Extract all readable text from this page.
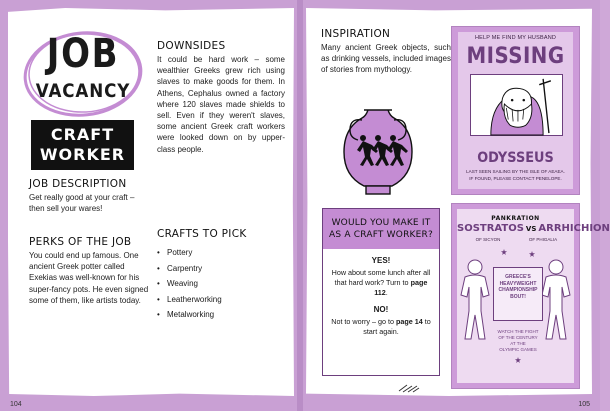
JOB
VACANCY
CRAFT
WORKER
JOB DESCRIPTION

Get really good at your craft – then sell your wares!

PERKS OF THE JOB

You could end up famous. One ancient Greek potter called Exekias was well-known for his super-fancy pots. He even signed some of them, like artists today.

DOWNSIDES

It could be hard work – some wealthier Greeks grew rich using slaves to make goods for them. In Athens, Cephalus owned a factory where 120 slaves made shields to sell. Even if they weren't slaves, some ancient Greek craft workers were looked down on by upper-class people.

CRAFTS TO PICK
• Pottery
• Carpentry
• Weaving
• Leatherworking
• Metalworking
104
INSPIRATION

Many ancient Greek objects, such as drinking vessels, included images of stories from mythology.

WOULD YOU MAKE IT AS A CRAFT WORKER?
YES!
How about some lunch after all that hard work? Turn to page 112.
NO!
Not to worry – go to page 14 to start again.
HELP ME FIND MY HUSBAND
MISSING
ODYSSEUS
LAST SEEN SAILING BY THE ISLE OF AEAEA.
IF FOUND, PLEASE CONTACT PENELOPE.
PANKRATION
SOSTRATOS VS ARRHICHION
OF SICYON	OF PHIGALIA
GREECE'S
HEAVYWEIGHT
CHAMPIONSHIP
BOUT!
WATCH THE FIGHT
OF THE CENTURY
AT THE
OLYMPIC GAMES
105
